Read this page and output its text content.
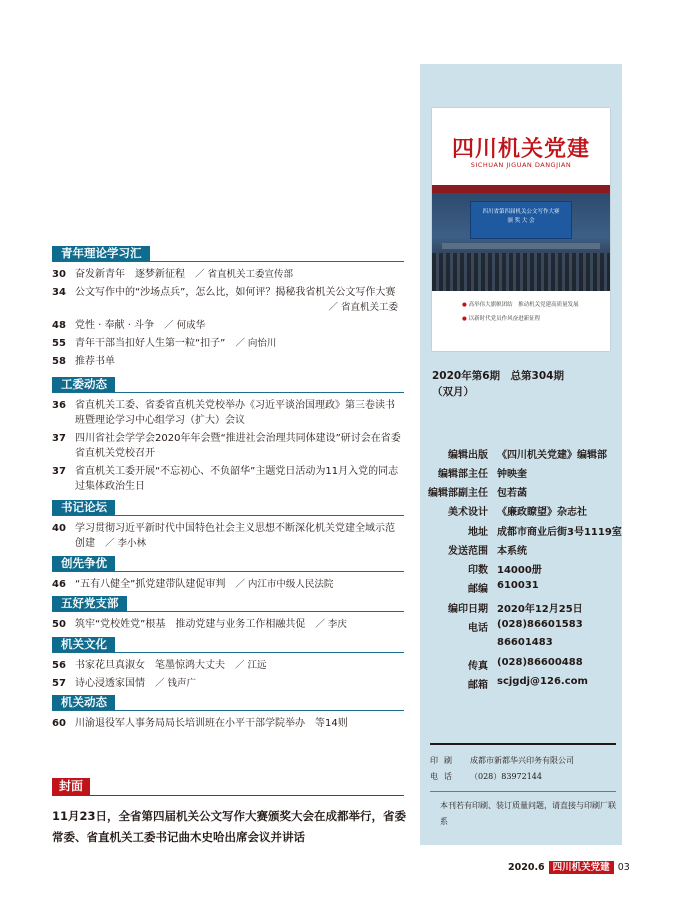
青年理论学习汇
30 奋发新青年　逐梦新征程 ／ 省直机关工委宣传部
34 公文写作中的“沙场点兵”，怎么比，如何评？揭秘我省机关公文写作大赛
／ 省直机关工委
48 党性 · 奉献 · 斗争 ／ 何成华
55 青年干部当扣好人生第一粒“扣子” ／ 向怡川
58 推荐书单
工委动态
36 省直机关工委、省委省直机关党校举办《习近平谈治国理政》第三卷读书班暨理论学习中心组学习（扩大）会议
37 四川省社会学学会2020年年会暨“推进社会治理共同体建设”研讨会在省委省直机关党校召开
37 省直机关工委开展“不忘初心、不负韶华”主题党日活动为11月入党的同志过集体政治生日
书记论坛
40 学习贯彻习近平新时代中国特色社会主义思想不断深化机关党建全域示范创建 ／ 李小林
创先争优
46 “五有八健全”抓党建带队建促审判 ／ 内江市中级人民法院
五好党支部
50 筑牢“党校姓党”根基　推动党建与业务工作相融共促 ／ 李庆
机关文化
56 书家花旦真淑女　笔墨惊鸿大丈夫 ／ 江远
57 诗心浸透家国情 ／ 钱声广
机关动态
60 川渝退役军人事务局局长培训班在小平干部学院举办　等14则
四川机关党建
SICHUAN JIGUAN DANGJIAN
四川省第四届机关公文写作大赛
颁 奖 大 会
● 高举伟大旗帜团结　推动机关党建高质量发展
● 以新时代党员作风奋进新征程
2020年第6期　总第304期
（双月）
编辑出版 《四川机关党建》编辑部
编辑部主任 钟映奎
编辑部副主任 包若菡
美术设计 《廉政瞭望》杂志社
地址 成都市商业后街3号1119室
发送范围 本系统
印数 14000册
邮编 610031
编印日期 2020年12月25日
电话 (028)86601583
86601483
传真 (028)86600488
邮箱 scjgdj@126.com
印刷	成都市新都华兴印务有限公司
电话	（028）83972144
本刊若有印刷、装订质量问题，请直接与印刷厂联系
封面
11月23日，全省第四届机关公文写作大赛颁奖大会在成都举行，省委常委、省直机关工委书记曲木史哈出席会议并讲话
2020.6 四川机关党建 03
